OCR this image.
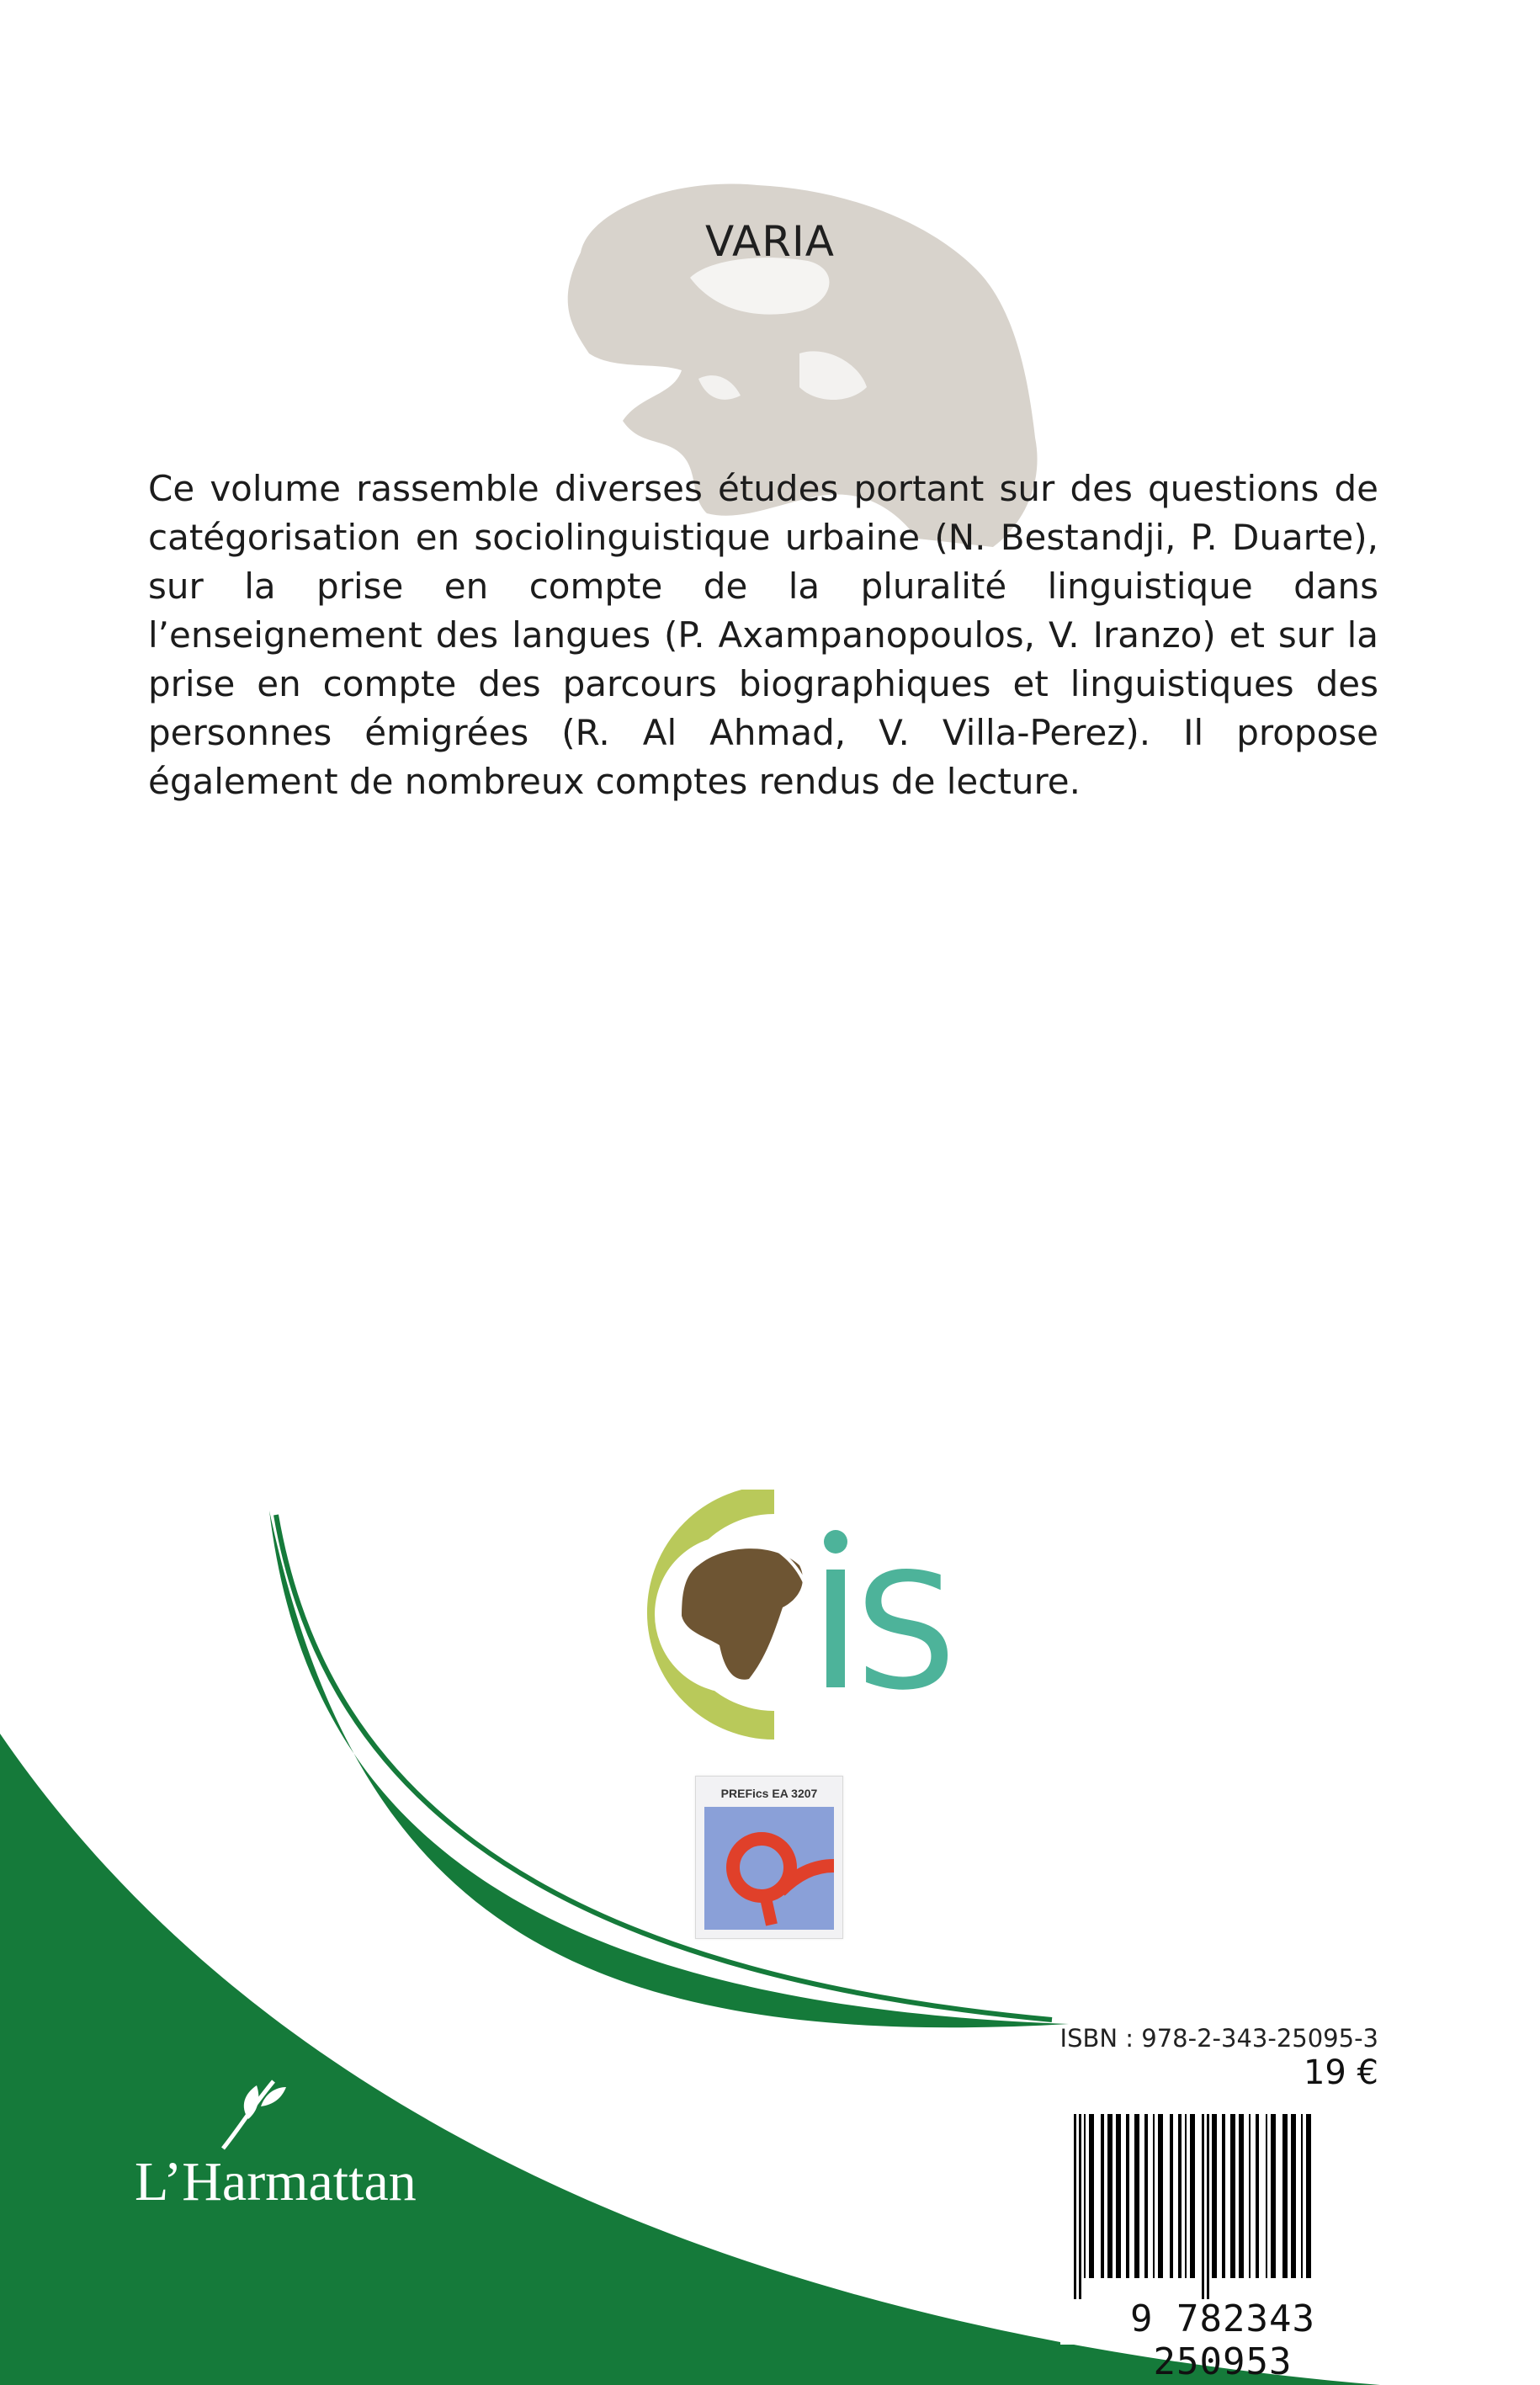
VARIA
Ce volume rassemble diverses études portant sur des questions de catégorisation en sociolinguistique urbaine (N. Bestandji, P. Duarte), sur la prise en compte de la pluralité linguistique dans l’enseignement des langues (P. Axampanopoulos, V. Iranzo) et sur la prise en compte des parcours biographiques et linguistiques des personnes émigrées (R. Al Ahmad, V. Villa-Perez). Il propose également de nombreux comptes rendus de lecture.
S
PREFics EA 3207
ISBN : 978-2-343-25095-3
19 €
9 782343 250953
L’Harmattan
